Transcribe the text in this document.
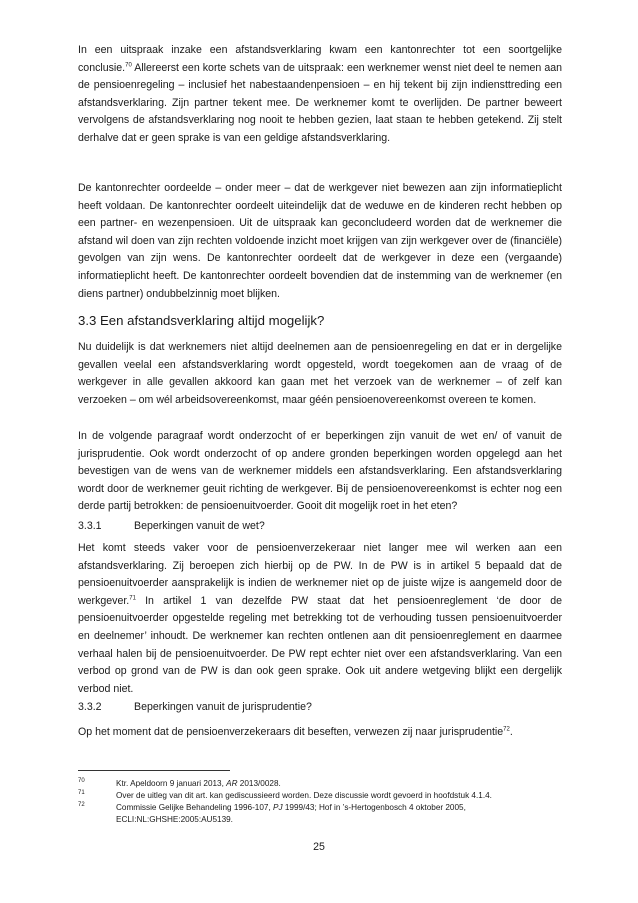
In een uitspraak inzake een afstandsverklaring kwam een kantonrechter tot een soortgelijke conclusie.$^{70}$ Allereerst een korte schets van de uitspraak: een werknemer wenst niet deel te nemen aan de pensioenregeling – inclusief het nabestaandenpensioen – en hij tekent bij zijn indiensttreding een afstandsverklaring. Zijn partner tekent mee. De werknemer komt te overlijden. De partner beweert vervolgens de afstandsverklaring nog nooit te hebben gezien, laat staan te hebben getekend. Zij stelt derhalve dat er geen sprake is van een geldige afstandsverklaring.

De kantonrechter oordeelde – onder meer – dat de werkgever niet bewezen aan zijn informatieplicht heeft voldaan. De kantonrechter oordeelt uiteindelijk dat de weduwe en de kinderen recht hebben op een partner- en wezenpensioen. Uit de uitspraak kan geconcludeerd worden dat de werknemer die afstand wil doen van zijn rechten voldoende inzicht moet krijgen van zijn werkgever over de (financiële) gevolgen van zijn wens. De kantonrechter oordeelt dat de werkgever in deze een (vergaande) informatieplicht heeft. De kantonrechter oordeelt bovendien dat de instemming van de werknemer (en diens partner) ondubbelzinnig moet blijken.

3.3 Een afstandsverklaring altijd mogelijk?

Nu duidelijk is dat werknemers niet altijd deelnemen aan de pensioenregeling en dat er in dergelijke gevallen veelal een afstandsverklaring wordt opgesteld, wordt toegekomen aan de vraag of de werkgever in alle gevallen akkoord kan gaan met het verzoek van de werknemer – of zelf kan verzoeken – om wél arbeidsovereenkomst, maar géén pensioenovereenkomst overeen te komen.

In de volgende paragraaf wordt onderzocht of er beperkingen zijn vanuit de wet en/ of vanuit de jurisprudentie. Ook wordt onderzocht of op andere gronden beperkingen worden opgelegd aan het bevestigen van de wens van de werknemer middels een afstandsverklaring. Een afstandsverklaring wordt door de werknemer geuit richting de werkgever. Bij de pensioenovereenkomst is echter nog een derde partij betrokken: de pensioenuitvoerder. Gooit dit mogelijk roet in het eten?

3.3.1	Beperkingen vanuit de wet?

Het komt steeds vaker voor de pensioenverzekeraar niet langer mee wil werken aan een afstandsverklaring. Zij beroepen zich hierbij op de PW. In de PW is in artikel 5 bepaald dat de pensioenuitvoerder aansprakelijk is indien de werknemer niet op de juiste wijze is aangemeld door de werkgever.$^{71}$ In artikel 1 van dezelfde PW staat dat het pensioenreglement ‘de door de pensioenuitvoerder opgestelde regeling met betrekking tot de verhouding tussen pensioenuitvoerder en deelnemer’ inhoudt. De werknemer kan rechten ontlenen aan dit pensioenreglement en daarmee verhaal halen bij de pensioenuitvoerder. De PW rept echter niet over een afstandsverklaring. Van een verbod op grond van de PW is dan ook geen sprake. Ook uit andere wetgeving blijkt een dergelijk verbod niet.

3.3.2	Beperkingen vanuit de jurisprudentie?

Op het moment dat de pensioenverzekeraars dit beseften, verwezen zij naar jurisprudentie$^{72}$.

70	Ktr. Apeldoorn 9 januari 2013, AR 2013/0028.
71	Over de uitleg van dit art. kan gediscussieerd worden. Deze discussie wordt gevoerd in hoofdstuk 4.1.4.
72	Commissie Gelijke Behandeling 1996-107, PJ 1999/43; Hof in ’s-Hertogenbosch 4 oktober 2005, ECLI:NL:GHSHE:2005:AU5139.
25
